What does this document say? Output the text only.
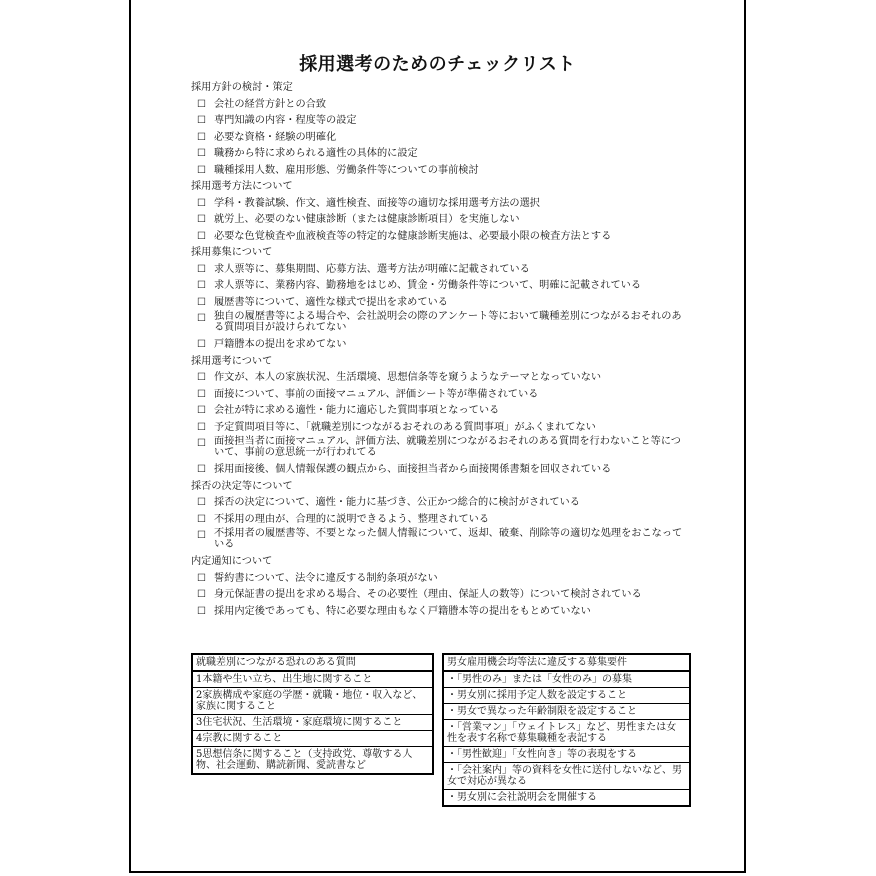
採用選考のためのチェックリスト
採用方針の検討・策定
☐ 会社の経営方針との合致
☐ 専門知識の内容・程度等の設定
☐ 必要な資格・経験の明確化
☐ 職務から特に求められる適性の具体的に設定
☐ 職種採用人数、雇用形態、労働条件等についての事前検討
採用選考方法について
☐ 学科・教養試験、作文、適性検査、面接等の適切な採用選考方法の選択
☐ 就労上、必要のない健康診断（または健康診断項目）を実施しない
☐ 必要な色覚検査や血液検査等の特定的な健康診断実施は、必要最小限の検査方法とする
採用募集について
☐ 求人票等に、募集期間、応募方法、選考方法が明確に記載されている
☐ 求人票等に、業務内容、勤務地をはじめ、賃金・労働条件等について、明確に記載されている
☐ 履歴書等について、適性な様式で提出を求めている
☐ 独自の履歴書等による場合や、会社説明会の際のアンケート等において職種差別につながるおそれのある質問項目が設けられてない
☐ 戸籍謄本の提出を求めてない
採用選考について
☐ 作文が、本人の家族状況、生活環境、思想信条等を窺うようなテーマとなっていない
☐ 面接について、事前の面接マニュアル、評価シート等が準備されている
☐ 会社が特に求める適性・能力に適応した質問事項となっている
☐ 予定質問項目等に、「就職差別につながるおそれのある質問事項」がふくまれてない
☐ 面接担当者に面接マニュアル、評価方法、就職差別につながるおそれのある質問を行わないこと等について、事前の意思統一が行われてる
☐ 採用面接後、個人情報保護の観点から、面接担当者から面接関係書類を回収されている
採否の決定等について
☐ 採否の決定について、適性・能力に基づき、公正かつ総合的に検討がされている
☐ 不採用の理由が、合理的に説明できるよう、整理されている
☐ 不採用者の履歴書等、不要となった個人情報について、返却、破棄、削除等の適切な処理をおこなっている
内定通知について
☐ 誓約書について、法令に違反する制約条項がない
☐ 身元保証書の提出を求める場合、その必要性（理由、保証人の数等）について検討されている
☐ 採用内定後であっても、特に必要な理由もなく戸籍謄本等の提出をもとめていない
就職差別につながる恐れのある質問
1本籍や生い立ち、出生地に関すること
2家族構成や家庭の学歴・就職・地位・収入など、家族に関すること
3住宅状況、生活環境・家庭環境に関すること
4宗教に関すること
5思想信条に関すること（支持政党、尊敬する人物、社会運動、購読新聞、愛読書など
男女雇用機会均等法に違反する募集要件
・「男性のみ」または「女性のみ」の募集
・男女別に採用予定人数を設定すること
・男女で異なった年齢制限を設定すること
・「営業マン」「ウェイトレス」など、男性または女性を表す名称で募集職種を表記する
・「男性歓迎」「女性向き」等の表現をする
・「会社案内」等の資料を女性に送付しないなど、男女で対応が異なる
・男女別に会社説明会を開催する
